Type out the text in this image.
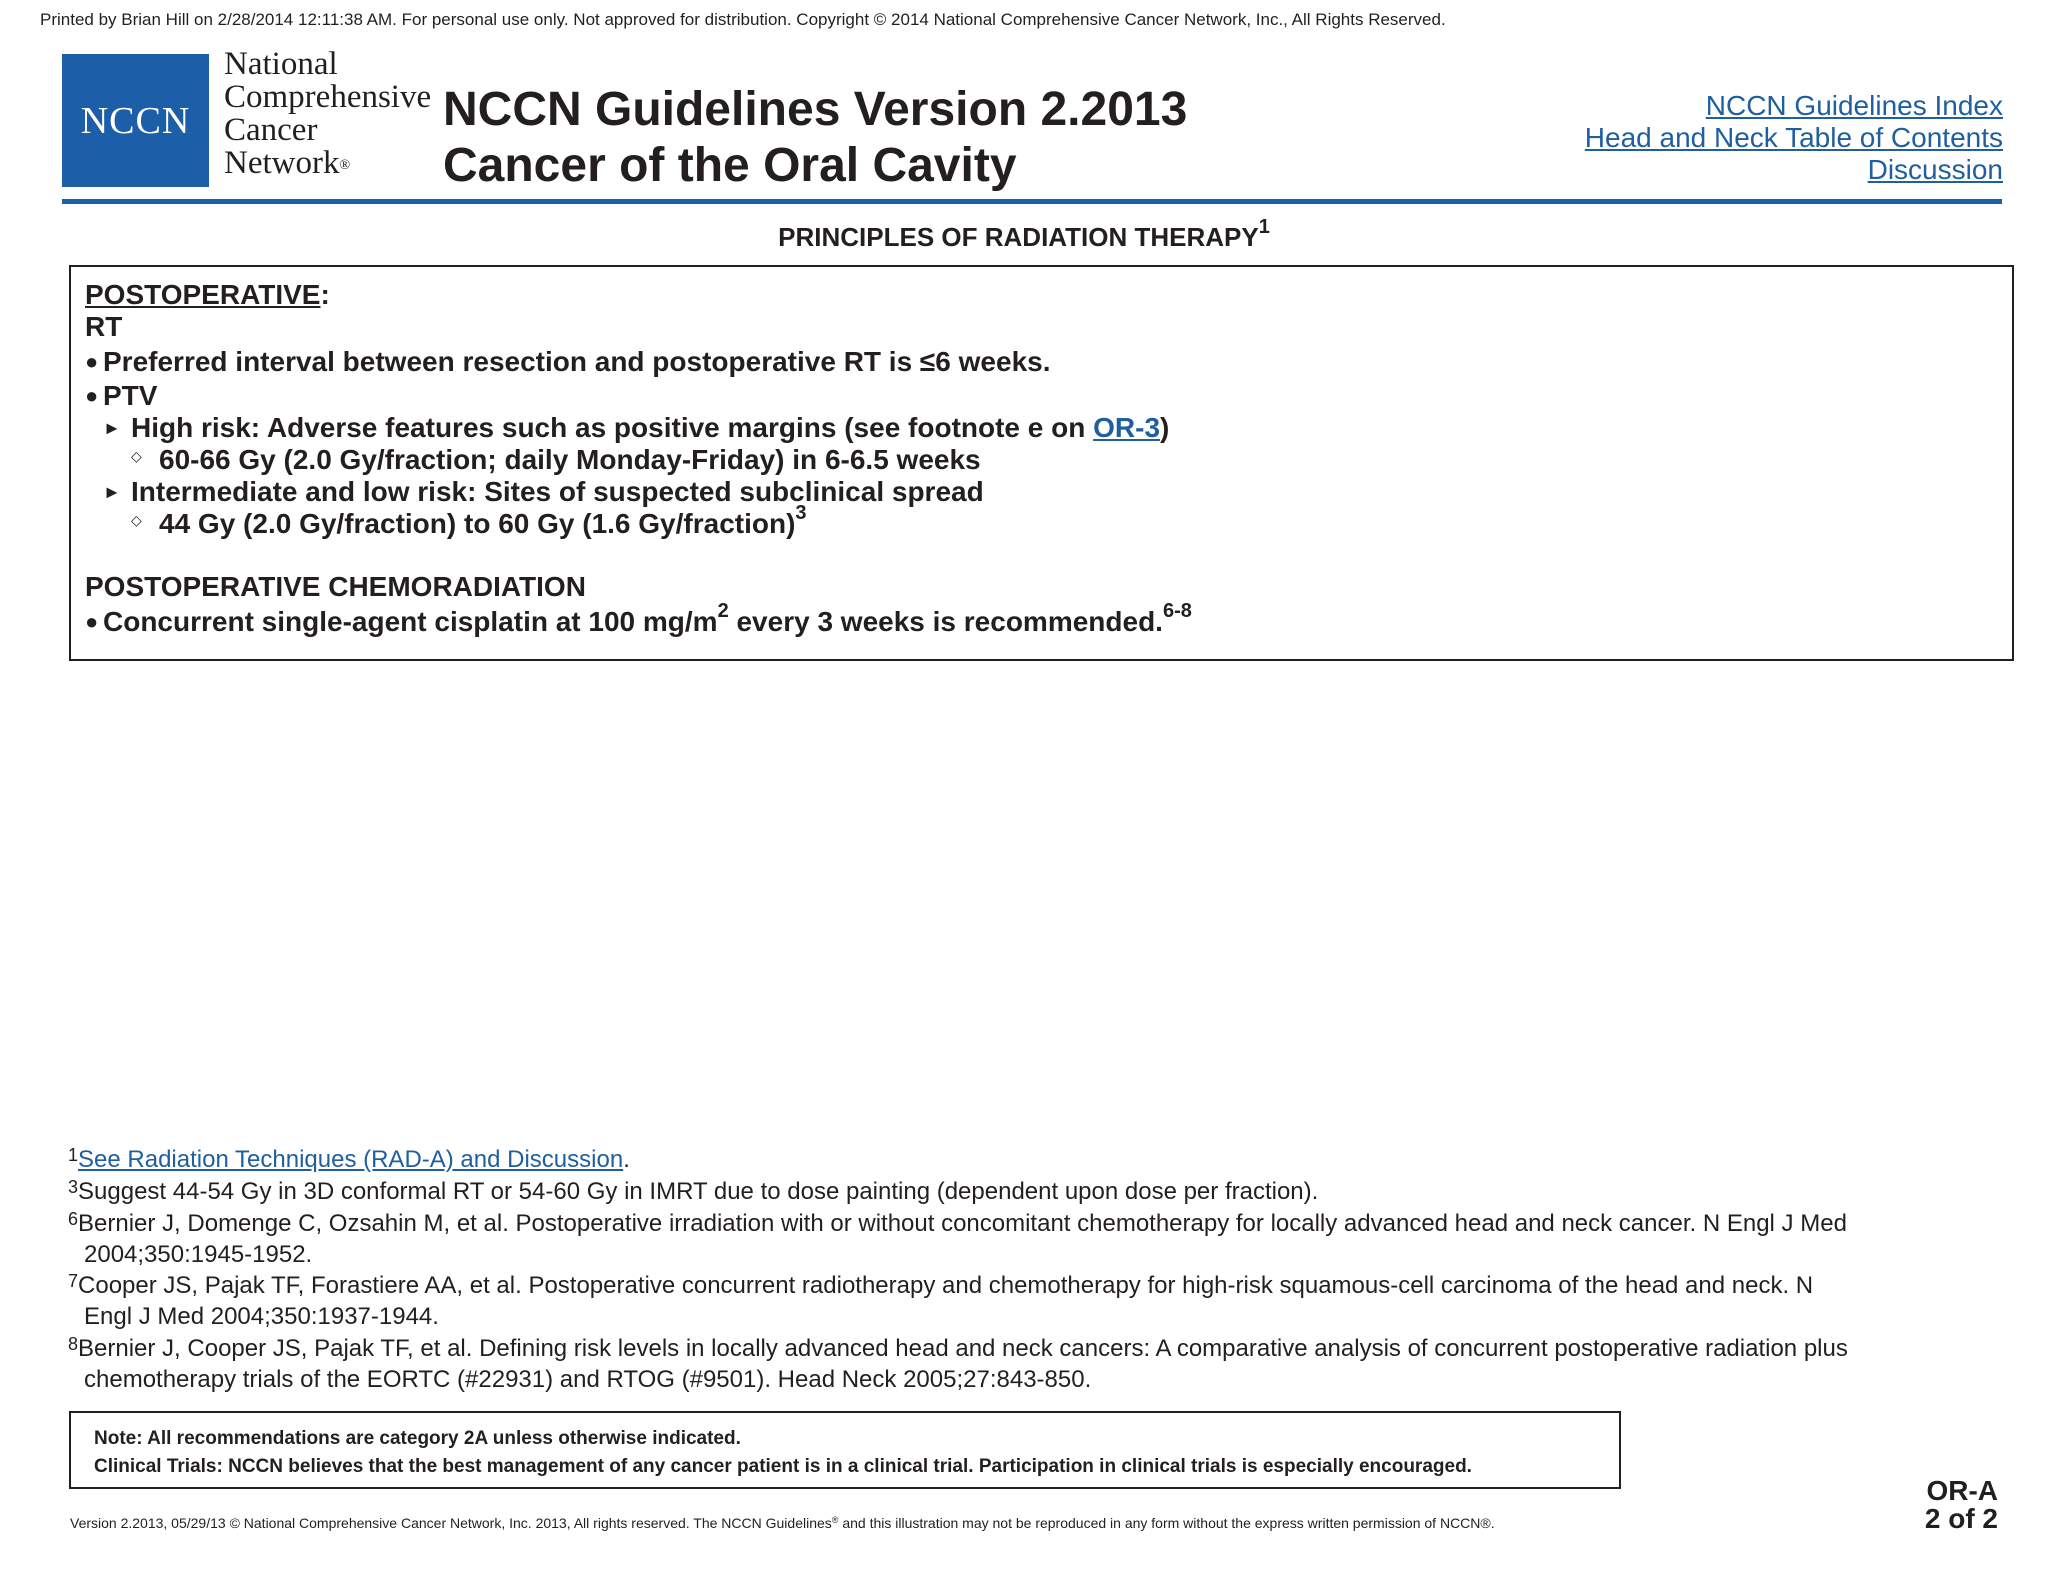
Printed by Brian Hill on 2/28/2014 12:11:38 AM. For personal use only. Not approved for distribution. Copyright © 2014 National Comprehensive Cancer Network, Inc., All Rights Reserved.
NCCN
National
Comprehensive
Cancer
Network®
NCCN Guidelines Version 2.2013
Cancer of the Oral Cavity
NCCN Guidelines Index
Head and Neck Table of Contents
Discussion
PRINCIPLES OF RADIATION THERAPY$^1$
POSTOPERATIVE:
RT
● Preferred interval between resection and postoperative RT is ≤6 weeks.
● PTV
► High risk: Adverse features such as positive margins (see footnote e on OR-3)
◇ 60-66 Gy (2.0 Gy/fraction; daily Monday-Friday) in 6-6.5 weeks
► Intermediate and low risk: Sites of suspected subclinical spread
◇ 44 Gy (2.0 Gy/fraction) to 60 Gy (1.6 Gy/fraction)$^3$
POSTOPERATIVE CHEMORADIATION
● Concurrent single-agent cisplatin at 100 $mg/m^2$ every 3 weeks is recommended.$^{6-8}$
$^1$See Radiation Techniques (RAD-A) and Discussion.
$^3$Suggest 44-54 Gy in 3D conformal RT or 54-60 Gy in IMRT due to dose painting (dependent upon dose per fraction).
$^6$Bernier J, Domenge C, Ozsahin M, et al. Postoperative irradiation with or without concomitant chemotherapy for locally advanced head and neck cancer. N Engl J Med
2004;350:1945-1952.
$^7$Cooper JS, Pajak TF, Forastiere AA, et al. Postoperative concurrent radiotherapy and chemotherapy for high-risk squamous-cell carcinoma of the head and neck. N
Engl J Med 2004;350:1937-1944.
$^8$Bernier J, Cooper JS, Pajak TF, et al. Defining risk levels in locally advanced head and neck cancers: A comparative analysis of concurrent postoperative radiation plus
chemotherapy trials of the EORTC (#22931) and RTOG (#9501). Head Neck 2005;27:843-850.
Note: All recommendations are category 2A unless otherwise indicated.
Clinical Trials: NCCN believes that the best management of any cancer patient is in a clinical trial. Participation in clinical trials is especially encouraged.
Version 2.2013, 05/29/13 © National Comprehensive Cancer Network, Inc. 2013, All rights reserved. The NCCN Guidelines® and this illustration may not be reproduced in any form without the express written permission of NCCN®.
OR-A
2 of 2
